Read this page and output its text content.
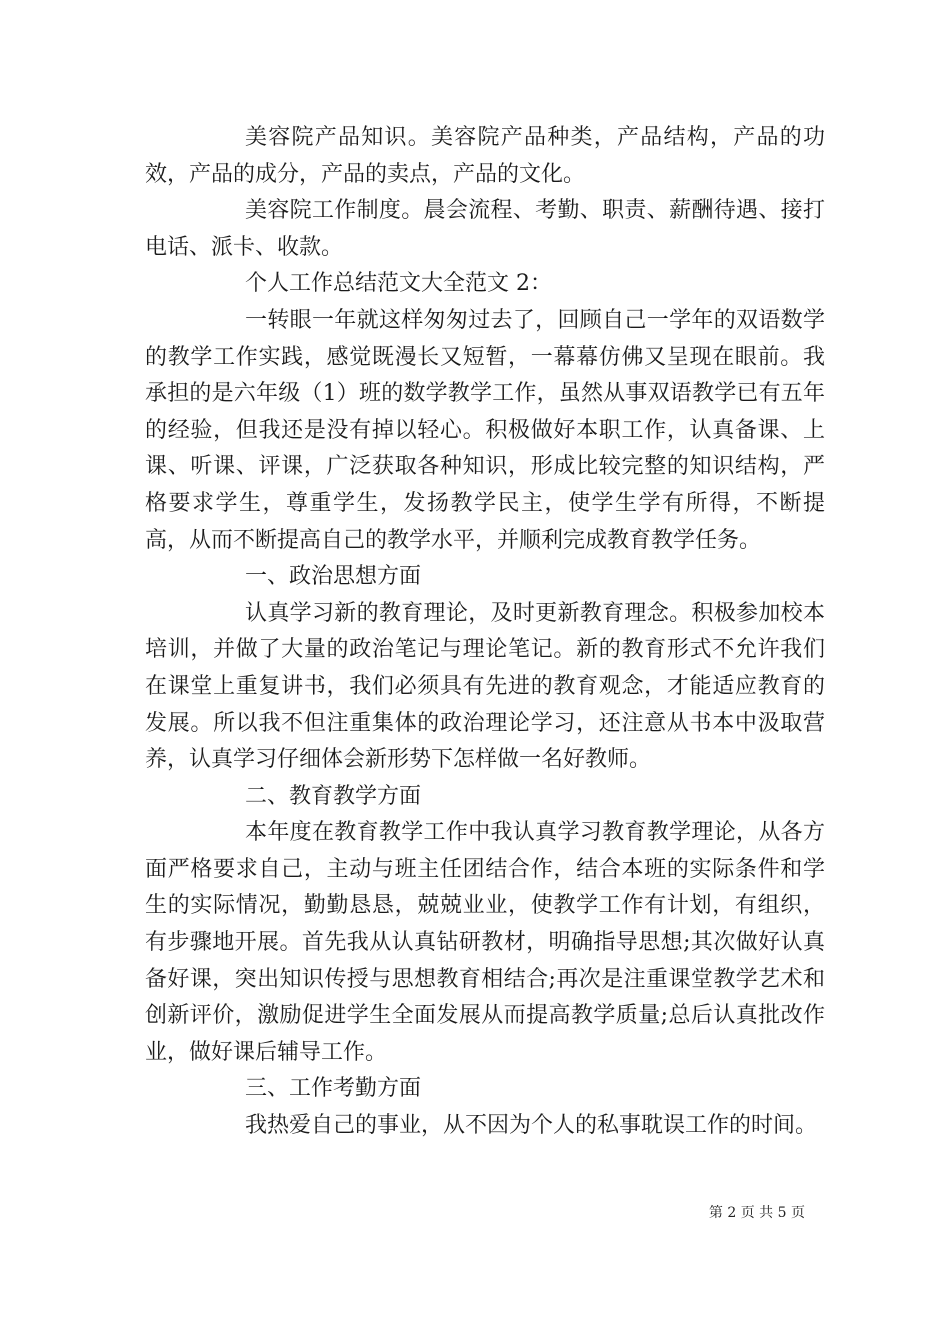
美容院产品知识。美容院产品种类，产品结构，产品的功效，产品的成分，产品的卖点，产品的文化。

美容院工作制度。晨会流程、考勤、职责、薪酬待遇、接打电话、派卡、收款。

个人工作总结范文大全范文 2：

一转眼一年就这样匆匆过去了，回顾自己一学年的双语数学的教学工作实践，感觉既漫长又短暂，一幕幕仿佛又呈现在眼前。我承担的是六年级（1）班的数学教学工作，虽然从事双语教学已有五年的经验，但我还是没有掉以轻心。积极做好本职工作，认真备课、上课、听课、评课，广泛获取各种知识，形成比较完整的知识结构，严格要求学生，尊重学生，发扬教学民主，使学生学有所得，不断提高，从而不断提高自己的教学水平，并顺利完成教育教学任务。

一、政治思想方面

认真学习新的教育理论，及时更新教育理念。积极参加校本培训，并做了大量的政治笔记与理论笔记。新的教育形式不允许我们在课堂上重复讲书，我们必须具有先进的教育观念，才能适应教育的发展。所以我不但注重集体的政治理论学习，还注意从书本中汲取营养，认真学习仔细体会新形势下怎样做一名好教师。

二、教育教学方面

本年度在教育教学工作中我认真学习教育教学理论，从各方面严格要求自己，主动与班主任团结合作，结合本班的实际条件和学生的实际情况，勤勤恳恳，兢兢业业，使教学工作有计划，有组织，有步骤地开展。首先我从认真钻研教材，明确指导思想;其次做好认真备好课，突出知识传授与思想教育相结合;再次是注重课堂教学艺术和创新评价，激励促进学生全面发展从而提高教学质量;总后认真批改作业，做好课后辅导工作。

三、工作考勤方面

我热爱自己的事业，从不因为个人的私事耽误工作的时间。

第 2 页 共 5 页
